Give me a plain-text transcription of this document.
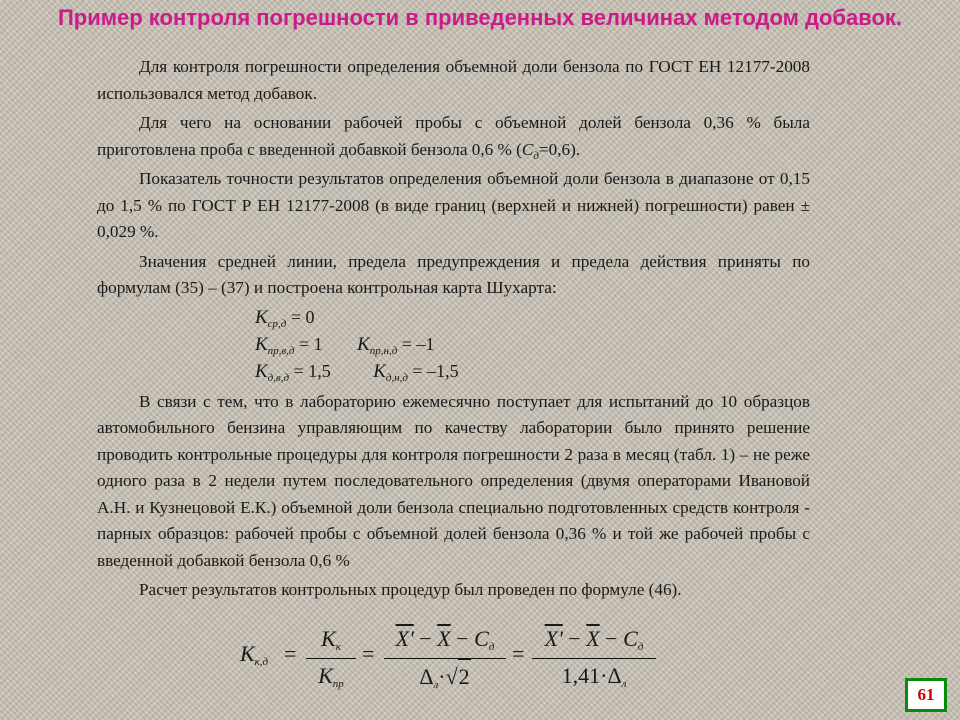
Пример контроля погрешности в приведенных величинах методом добавок.

Для контроля погрешности определения объемной доли бензола по ГОСТ ЕН 12177-2008 использовался метод добавок.

Для чего на основании рабочей пробы с объемной долей бензола 0,36 % была приготовлена проба с введенной добавкой бензола 0,6 % $(С_д=0,6)$.

Показатель точности результатов определения объемной доли бензола в диапазоне от 0,15 до 1,5 % по ГОСТ Р ЕН 12177-2008 (в виде границ (верхней и нижней) погрешности) равен ± 0,029 %.

Значения средней линии, предела предупреждения и предела действия приняты по формулам (35) – (37) и построена контрольная карта Шухарта:

$К_{ср,д} = 0$
$К_{пр,в,д} = 1$ $К_{пр,н,д} = -1$
$К_{д,в,д} = 1,5$ $К_{д,н,д} = -1,5$

В связи с тем, что в лабораторию ежемесячно поступает для испытаний до 10 образцов автомобильного бензина управляющим по качеству лаборатории было принято решение проводить контрольные процедуры для контроля погрешности 2 раза в месяц (табл. 1) – не реже одного раза в 2 недели путем последовательного определения (двумя операторами Ивановой А.Н. и Кузнецовой Е.К.) объемной доли бензола специально подготовленных средств контроля - парных образцов: рабочей пробы с объемной долей бензола 0,36 % и той же рабочей пробы с введенной добавкой бензола 0,6 %

Расчет результатов контрольных процедур был проведен по формуле (46).

$К_{к,д}$ =
$К_к$
$К_{пр}$
=
$X' - \overline{X} - C_д$
$\Delta_л\cdot√2$
=
$X' - \overline{X} - C_д$
$1,41\cdot\Delta_л$
61
